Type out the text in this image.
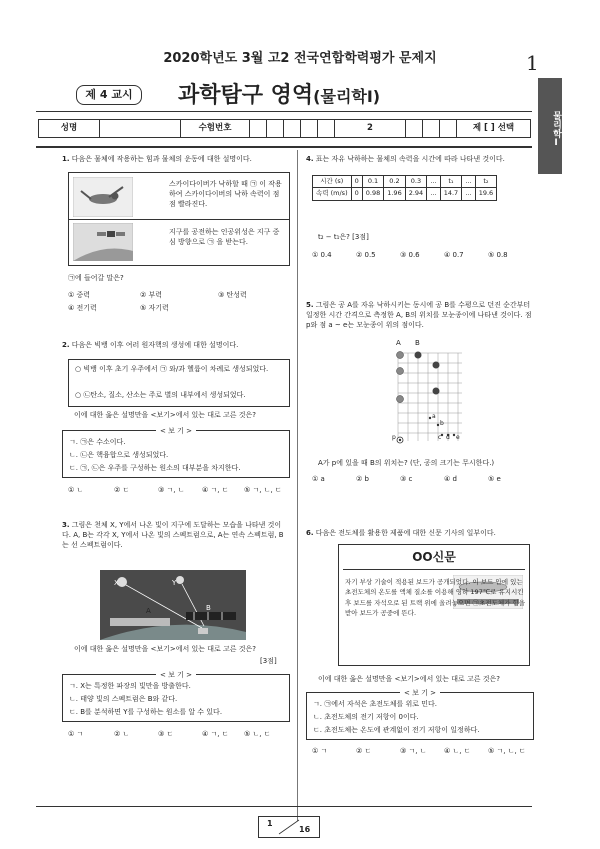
2020학년도 3월 고2 전국연합학력평가 문제지	1
물리학Ⅰ
제 4 교시	과학탐구 영역(물리학Ⅰ)
성명	수험번호	2	제 [ ] 선택
1. 다음은 물체에 작용하는 힘과 물체의 운동에 대한 설명이다.
스카이다이버가 낙하할 때 ㉠ 이 작용하여 스카이다이버의 낙하 속력이 점점 빨라진다.
지구를 공전하는 인공위성은 지구 중심 방향으로 ㉠ 을 받는다.
㉠에 들어갈 말은?
① 중력	② 부력	③ 탄성력
④ 전기력	⑤ 자기력
2. 다음은 빅뱅 이후 여러 원자핵의 생성에 대한 설명이다.
○ 빅뱅 이후 초기 우주에서 ㉠ 와/과 헬륨이 차례로 생성되었다.
○ ㉡탄소, 질소, 산소는 주로 별의 내부에서 생성되었다.
이에 대한 옳은 설명만을 <보기>에서 있는 대로 고른 것은?
< 보 기 >
ㄱ. ㉠은 수소이다.
ㄴ. ㉡은 핵융합으로 생성되었다.
ㄷ. ㉠, ㉡은 우주를 구성하는 원소의 대부분을 차지한다.
① ㄴ	② ㄷ	③ ㄱ, ㄴ	④ ㄱ, ㄷ ⑤ ㄱ, ㄴ, ㄷ
3. 그림은 천체 X, Y에서 나온 빛이 지구에 도달하는 모습을 나타낸 것이다. A, B는 각각 X, Y에서 나온 빛의 스펙트럼으로, A는 연속 스펙트럼, B는 선 스펙트럼이다.
X	Y
A	B
이에 대한 옳은 설명만을 <보기>에서 있는 대로 고른 것은?
[3점]
< 보 기 >
ㄱ. X는 특정한 파장의 빛만을 방출한다.
ㄴ. 태양 빛의 스펙트럼은 B와 같다.
ㄷ. B를 분석하면 Y를 구성하는 원소를 알 수 있다.
① ㄱ	② ㄴ	③ ㄷ	④ ㄱ, ㄷ ⑤ ㄴ, ㄷ
4. 표는 자유 낙하하는 물체의 속력을 시간에 따라 나타낸 것이다.
시간 (s)	0	0.1	0.2	0.3	…	t₁	…	t₂
속력 (m/s)	0	0.98	1.96	2.94	…	14.7	…	19.6
t₂ − t₁은? [3점]
① 0.4	② 0.5	③ 0.6	④ 0.7	⑤ 0.8
5. 그림은 공 A를 자유 낙하시키는 동시에 공 B를 수평으로 던진 순간부터 일정한 시간 간격으로 측정한 A, B의 위치를 모눈종이에 나타낸 것이다. 점 p와 점 a ~ e는 모눈종이 위의 점이다.
A B
p
a
b
c d e
A가 p에 있을 때 B의 위치는? (단, 공의 크기는 무시한다.)
① a	② b	③ c	④ d	⑤ e
6. 다음은 전도체를 활용한 제품에 대한 신문 기사의 일부이다.
OO신문
자기 부상 기술이 적용된 보드가 공개되었다. 이 보드 안에 있는 초전도체의 온도를 액체 질소를 이용해 영하 197℃로 유지시킨 후 보드를 자석으로 된 트랙 위에 올려놓으면 ㉠초전도체가 힘을 받아 보드가 공중에 뜬다.
이에 대한 옳은 설명만을 <보기>에서 있는 대로 고른 것은?
< 보 기 >
ㄱ. ㉠에서 자석은 초전도체를 위로 민다.
ㄴ. 초전도체의 전기 저항이 0이다.
ㄷ. 초전도체는 온도에 관계없이 전기 저항이 일정하다.
① ㄱ	② ㄷ	③ ㄱ, ㄴ	④ ㄴ, ㄷ	⑤ ㄱ, ㄴ, ㄷ
1
16
